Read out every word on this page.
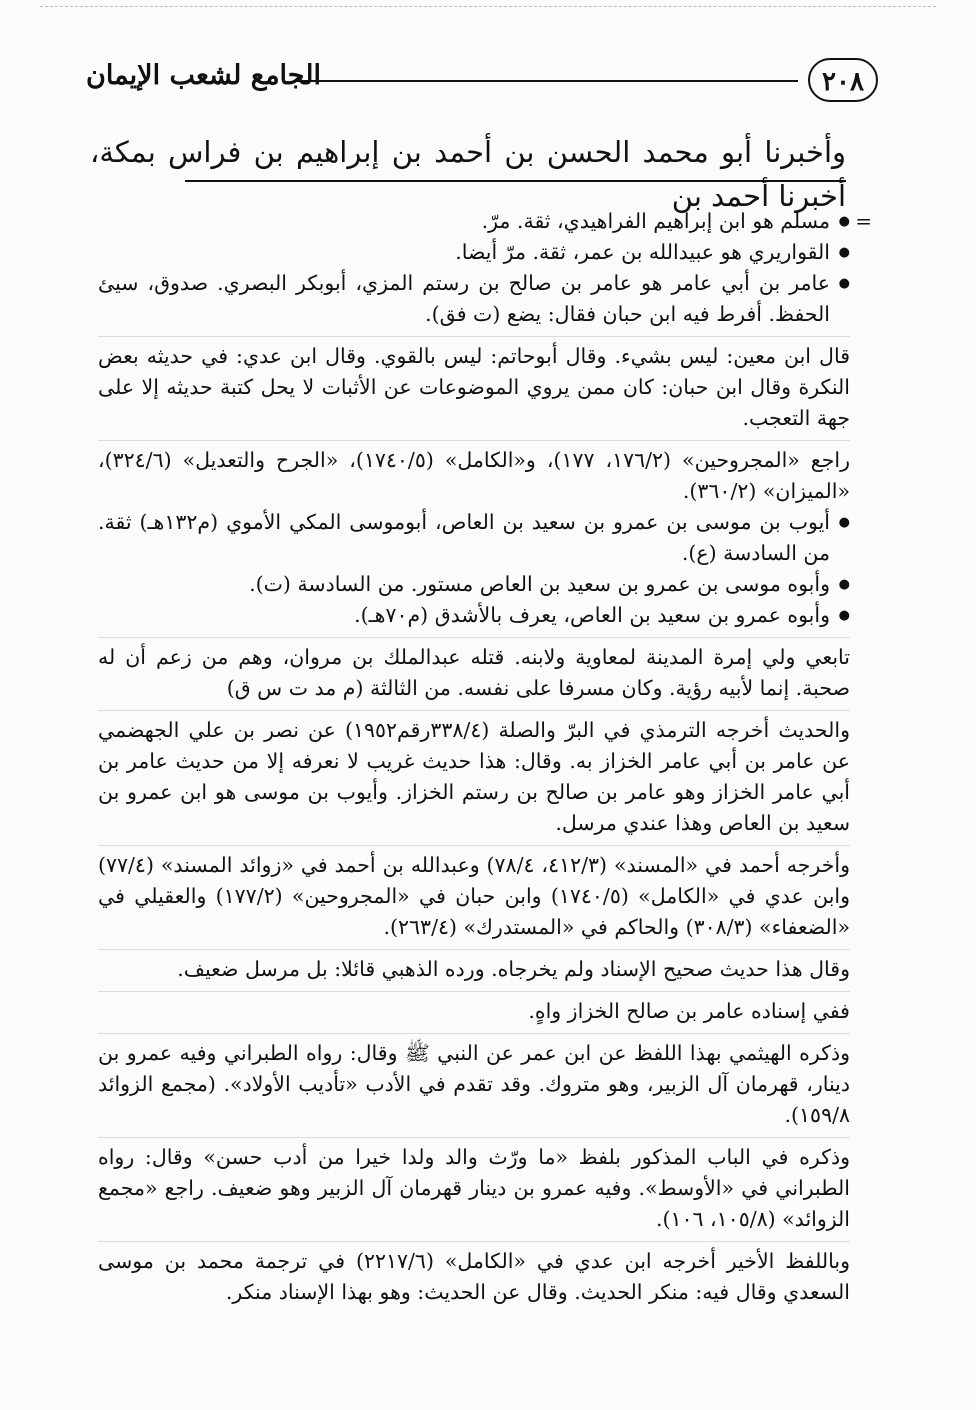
٢٠٨
الجامع لشعب الإيمان
وأخبرنا أبو محمد الحسن بن أحمد بن إبراهيم بن فراس بمكة، أخبرنا أحمد بن
=

● مسلم هو ابن إبراهيم الفراهيدي، ثقة. مرّ.

● القواريري هو عبيدالله بن عمر، ثقة. مرّ أيضا.

● عامر بن أبي عامر هو عامر بن صالح بن رستم المزي، أبوبكر البصري. صدوق، سيئ الحفظ. أفرط فيه ابن حبان فقال: يضع (ت فق).

قال ابن معين: ليس بشيء. وقال أبوحاتم: ليس بالقوي. وقال ابن عدي: في حديثه بعض النكرة وقال ابن حبان: كان ممن يروي الموضوعات عن الأثبات لا يحل كتبة حديثه إلا على جهة التعجب.

راجع «المجروحين» (١٧٦/٢، ١٧٧)، و«الكامل» (١٧٤٠/٥)، «الجرح والتعديل» (٣٢٤/٦)، «الميزان» (٣٦٠/٢).

● أيوب بن موسى بن عمرو بن سعيد بن العاص، أبوموسى المكي الأموي (م١٣٢هـ) ثقة. من السادسة (ع).

● وأبوه موسى بن عمرو بن سعيد بن العاص مستور. من السادسة (ت).

● وأبوه عمرو بن سعيد بن العاص، يعرف بالأشدق (م٧٠هـ).

تابعي ولي إمرة المدينة لمعاوية ولابنه. قتله عبدالملك بن مروان، وهم من زعم أن له صحبة. إنما لأبيه رؤية. وكان مسرفا على نفسه. من الثالثة (م مد ت س ق)

والحديث أخرجه الترمذي في البرّ والصلة (٣٣٨/٤رقم١٩٥٢) عن نصر بن علي الجهضمي عن عامر بن أبي عامر الخزاز به. وقال: هذا حديث غريب لا نعرفه إلا من حديث عامر بن أبي عامر الخزاز وهو عامر بن صالح بن رستم الخزاز. وأيوب بن موسى هو ابن عمرو بن سعيد بن العاص وهذا عندي مرسل.

وأخرجه أحمد في «المسند» (٤١٢/٣، ٧٨/٤) وعبدالله بن أحمد في «زوائد المسند» (٧٧/٤) وابن عدي في «الكامل» (١٧٤٠/٥) وابن حبان في «المجروحين» (١٧٧/٢) والعقيلي في «الضعفاء» (٣٠٨/٣) والحاكم في «المستدرك» (٢٦٣/٤).

وقال هذا حديث صحيح الإسناد ولم يخرجاه. ورده الذهبي قائلا: بل مرسل ضعيف.

ففي إسناده عامر بن صالح الخزاز واهٍ.

وذكره الهيثمي بهذا اللفظ عن ابن عمر عن النبي ﷺ وقال: رواه الطبراني وفيه عمرو بن دينار، قهرمان آل الزبير، وهو متروك. وقد تقدم في الأدب «تأديب الأولاد». (مجمع الزوائد ١٥٩/٨).

وذكره في الباب المذكور بلفظ «ما ورّث والد ولدا خيرا من أدب حسن» وقال: رواه الطبراني في «الأوسط». وفيه عمرو بن دينار قهرمان آل الزبير وهو ضعيف. راجع «مجمع الزوائد» (١٠٥/٨، ١٠٦).

وباللفظ الأخير أخرجه ابن عدي في «الكامل» (٢٢١٧/٦) في ترجمة محمد بن موسى السعدي وقال فيه: منكر الحديث. وقال عن الحديث: وهو بهذا الإسناد منكر.
